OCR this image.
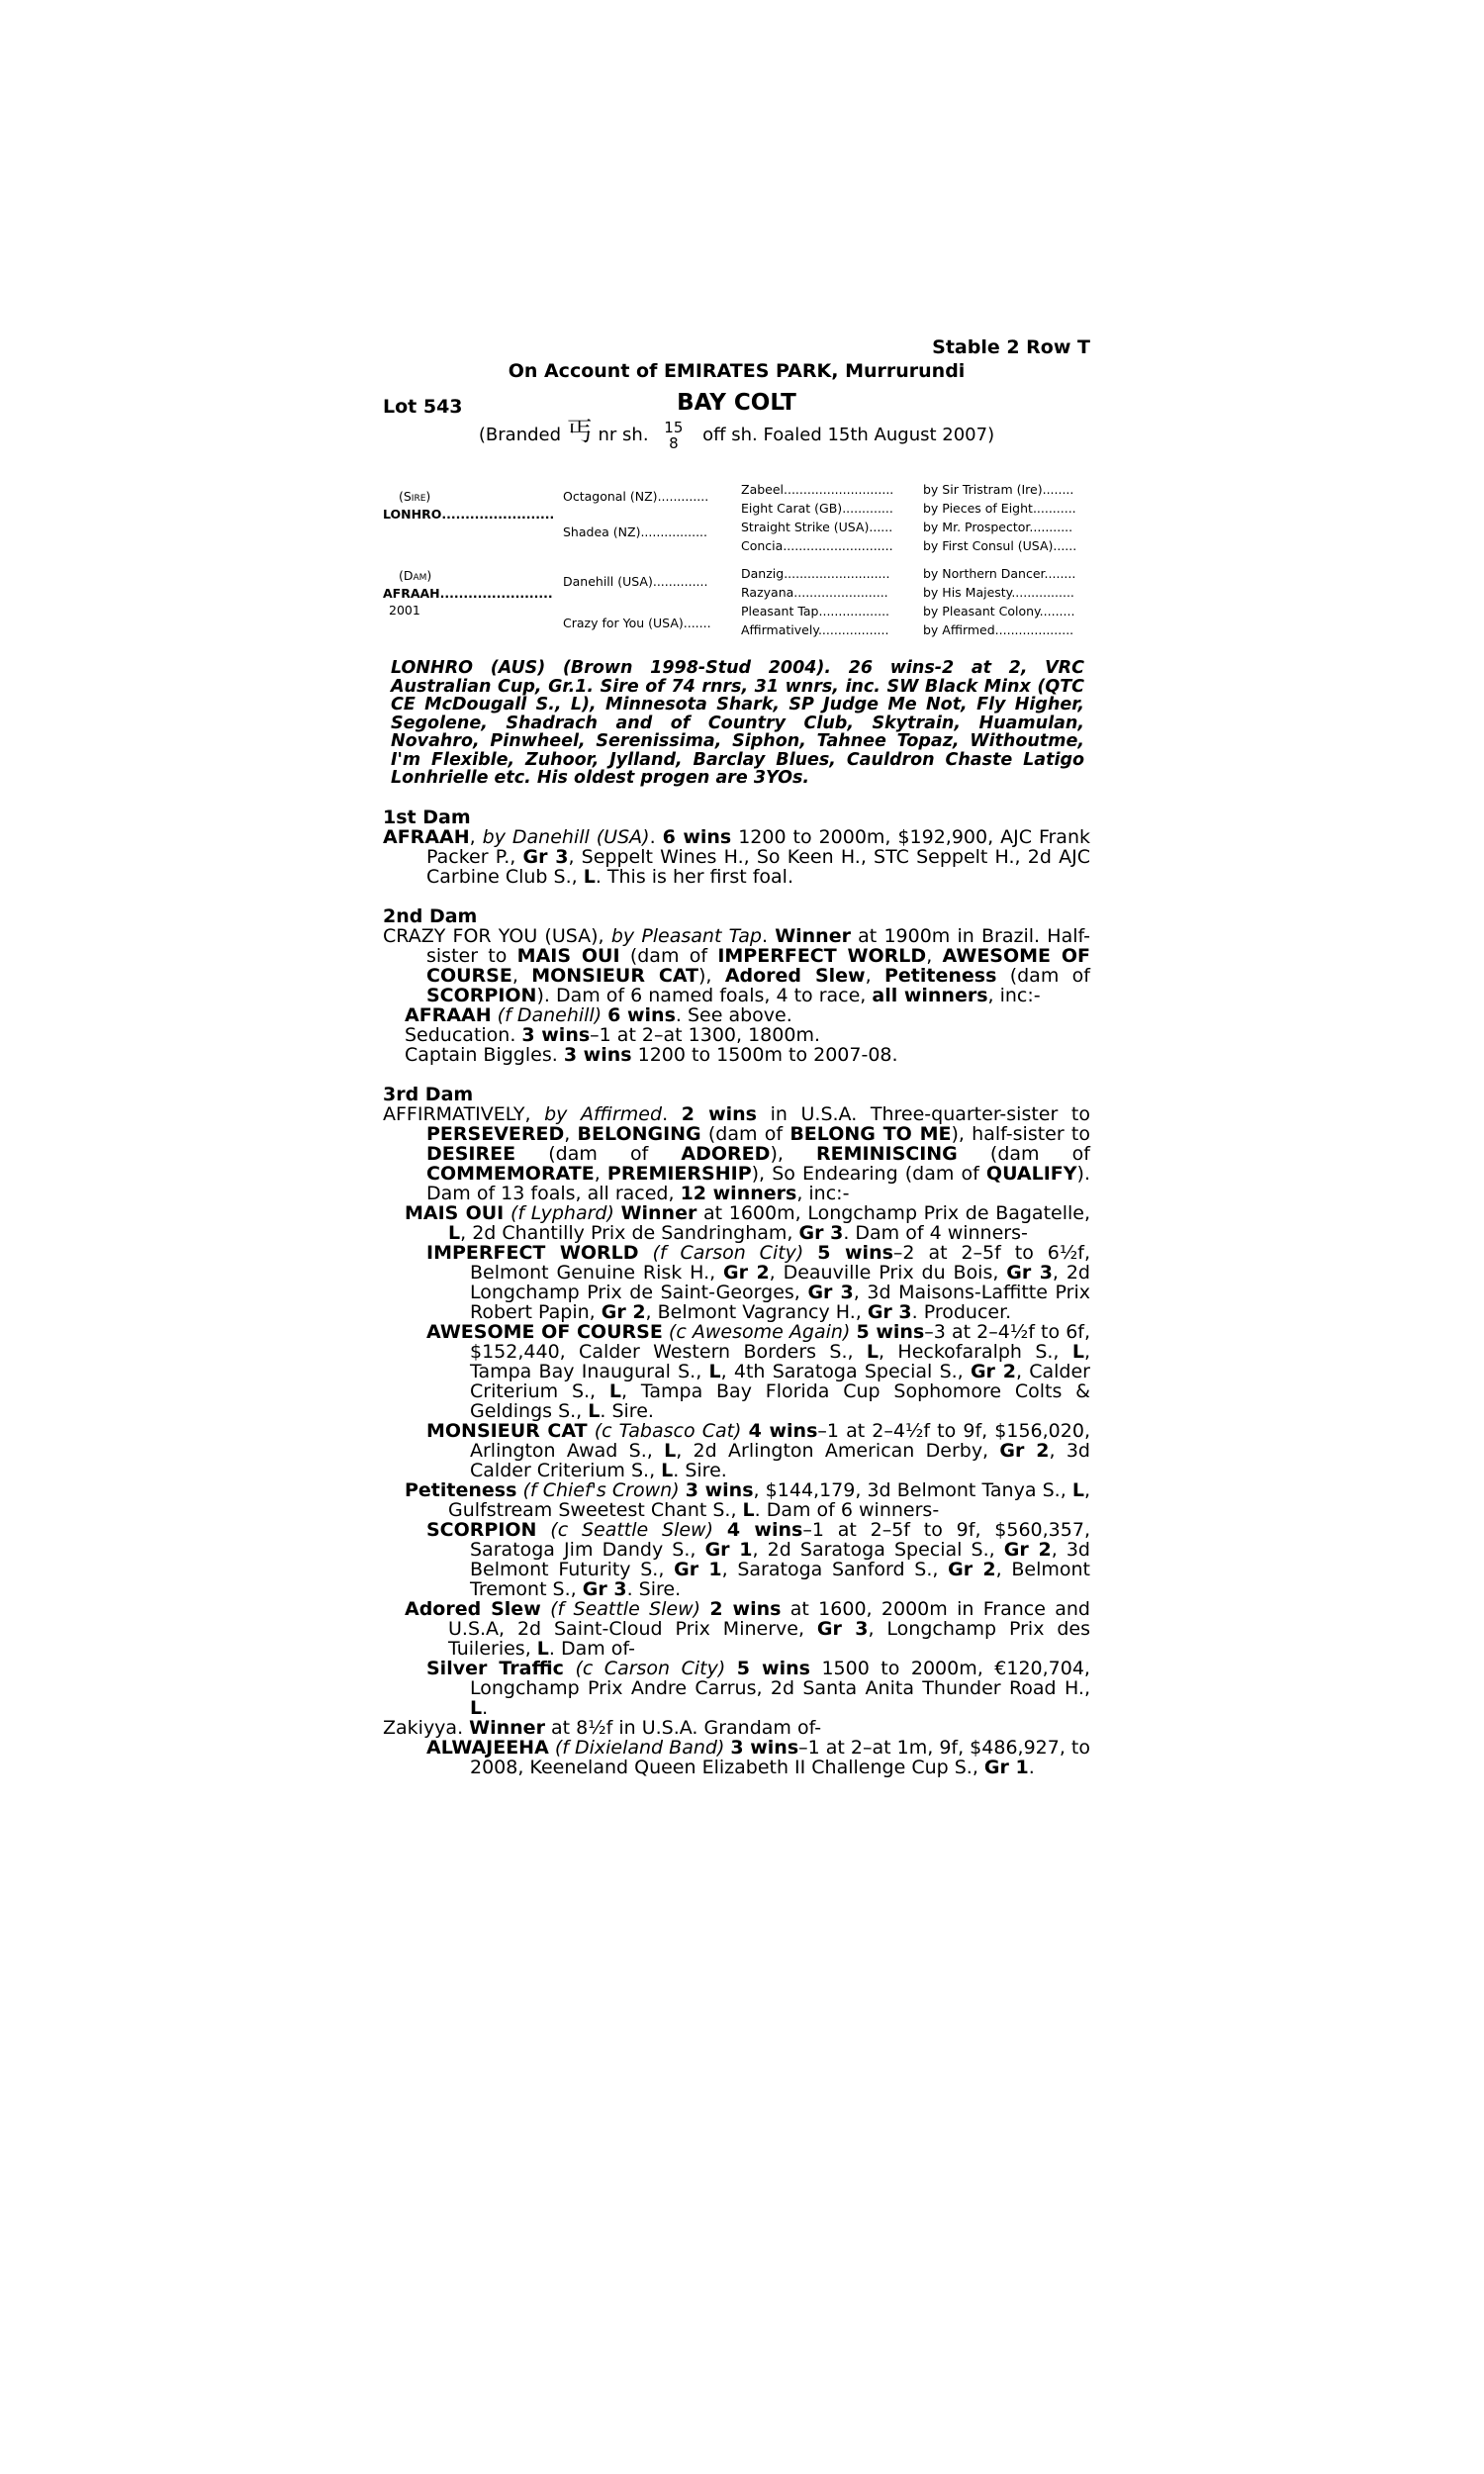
Stable 2 Row T
On Account of EMIRATES PARK, Murrurundi
Lot 543	BAY COLT
(Branded 丐 nr sh. 15
8 off sh. Foaled 15th August 2007)
(Sire)
LONHRO........................
(Dam)
AFRAAH........................
2001
Octagonal (NZ).............
Shadea (NZ).................
Danehill (USA)..............
Crazy for You (USA).......
Zabeel............................
Eight Carat (GB).............
Straight Strike (USA)......
Concia............................
Danzig...........................
Razyana........................
Pleasant Tap..................
Affirmatively..................
by Sir Tristram (Ire)........
by Pieces of Eight...........
by Mr. Prospector...........
by First Consul (USA)......
by Northern Dancer........
by His Majesty................
by Pleasant Colony.........
by Affirmed....................
LONHRO (AUS) (Brown 1998-Stud 2004). 26 wins-2 at 2, VRC Australian Cup, Gr.1. Sire of 74 rnrs, 31 wnrs, inc. SW Black Minx (QTC CE McDougall S., L), Minnesota Shark, SP Judge Me Not, Fly Higher, Segolene, Shadrach and of Country Club, Skytrain, Huamulan, Novahro, Pinwheel, Serenissima, Siphon, Tahnee Topaz, Withoutme, I'm Flexible, Zuhoor, Jylland, Barclay Blues, Cauldron Chaste Latigo Lonhrielle etc. His oldest progen are 3YOs.
1st Dam

AFRAAH, by Danehill (USA). 6 wins 1200 to 2000m, $192,900, AJC Frank Packer P., Gr 3, Seppelt Wines H., So Keen H., STC Seppelt H., 2d AJC Carbine Club S., L. This is her first foal.

2nd Dam

CRAZY FOR YOU (USA), by Pleasant Tap. Winner at 1900m in Brazil. Half-sister to MAIS OUI (dam of IMPERFECT WORLD, AWESOME OF COURSE, MONSIEUR CAT), Adored Slew, Petiteness (dam of SCORPION). Dam of 6 named foals, 4 to race, all winners, inc:-

AFRAAH (f Danehill) 6 wins. See above.

Seducation. 3 wins–1 at 2–at 1300, 1800m.

Captain Biggles. 3 wins 1200 to 1500m to 2007-08.

3rd Dam

AFFIRMATIVELY, by Affirmed. 2 wins in U.S.A. Three-quarter-sister to PERSEVERED, BELONGING (dam of BELONG TO ME), half-sister to DESIREE (dam of ADORED), REMINISCING (dam of COMMEMORATE, PREMIERSHIP), So Endearing (dam of QUALIFY). Dam of 13 foals, all raced, 12 winners, inc:-

MAIS OUI (f Lyphard) Winner at 1600m, Longchamp Prix de Bagatelle, L, 2d Chantilly Prix de Sandringham, Gr 3. Dam of 4 winners-

IMPERFECT WORLD (f Carson City) 5 wins–2 at 2–5f to 6½f, Belmont Genuine Risk H., Gr 2, Deauville Prix du Bois, Gr 3, 2d Longchamp Prix de Saint-Georges, Gr 3, 3d Maisons-Laffitte Prix Robert Papin, Gr 2, Belmont Vagrancy H., Gr 3. Producer.

AWESOME OF COURSE (c Awesome Again) 5 wins–3 at 2–4½f to 6f, $152,440, Calder Western Borders S., L, Heckofaralph S., L, Tampa Bay Inaugural S., L, 4th Saratoga Special S., Gr 2, Calder Criterium S., L, Tampa Bay Florida Cup Sophomore Colts & Geldings S., L. Sire.

MONSIEUR CAT (c Tabasco Cat) 4 wins–1 at 2–4½f to 9f, $156,020, Arlington Awad S., L, 2d Arlington American Derby, Gr 2, 3d Calder Criterium S., L. Sire.

Petiteness (f Chief's Crown) 3 wins, $144,179, 3d Belmont Tanya S., L, Gulfstream Sweetest Chant S., L. Dam of 6 winners-

SCORPION (c Seattle Slew) 4 wins–1 at 2–5f to 9f, $560,357, Saratoga Jim Dandy S., Gr 1, 2d Saratoga Special S., Gr 2, 3d Belmont Futurity S., Gr 1, Saratoga Sanford S., Gr 2, Belmont Tremont S., Gr 3. Sire.

Adored Slew (f Seattle Slew) 2 wins at 1600, 2000m in France and U.S.A, 2d Saint-Cloud Prix Minerve, Gr 3, Longchamp Prix des Tuileries, L. Dam of-

Silver Traffic (c Carson City) 5 wins 1500 to 2000m, €120,704, Longchamp Prix Andre Carrus, 2d Santa Anita Thunder Road H., L.

Zakiyya. Winner at 8½f in U.S.A. Grandam of-

ALWAJEEHA (f Dixieland Band) 3 wins–1 at 2–at 1m, 9f, $486,927, to 2008, Keeneland Queen Elizabeth II Challenge Cup S., Gr 1.
